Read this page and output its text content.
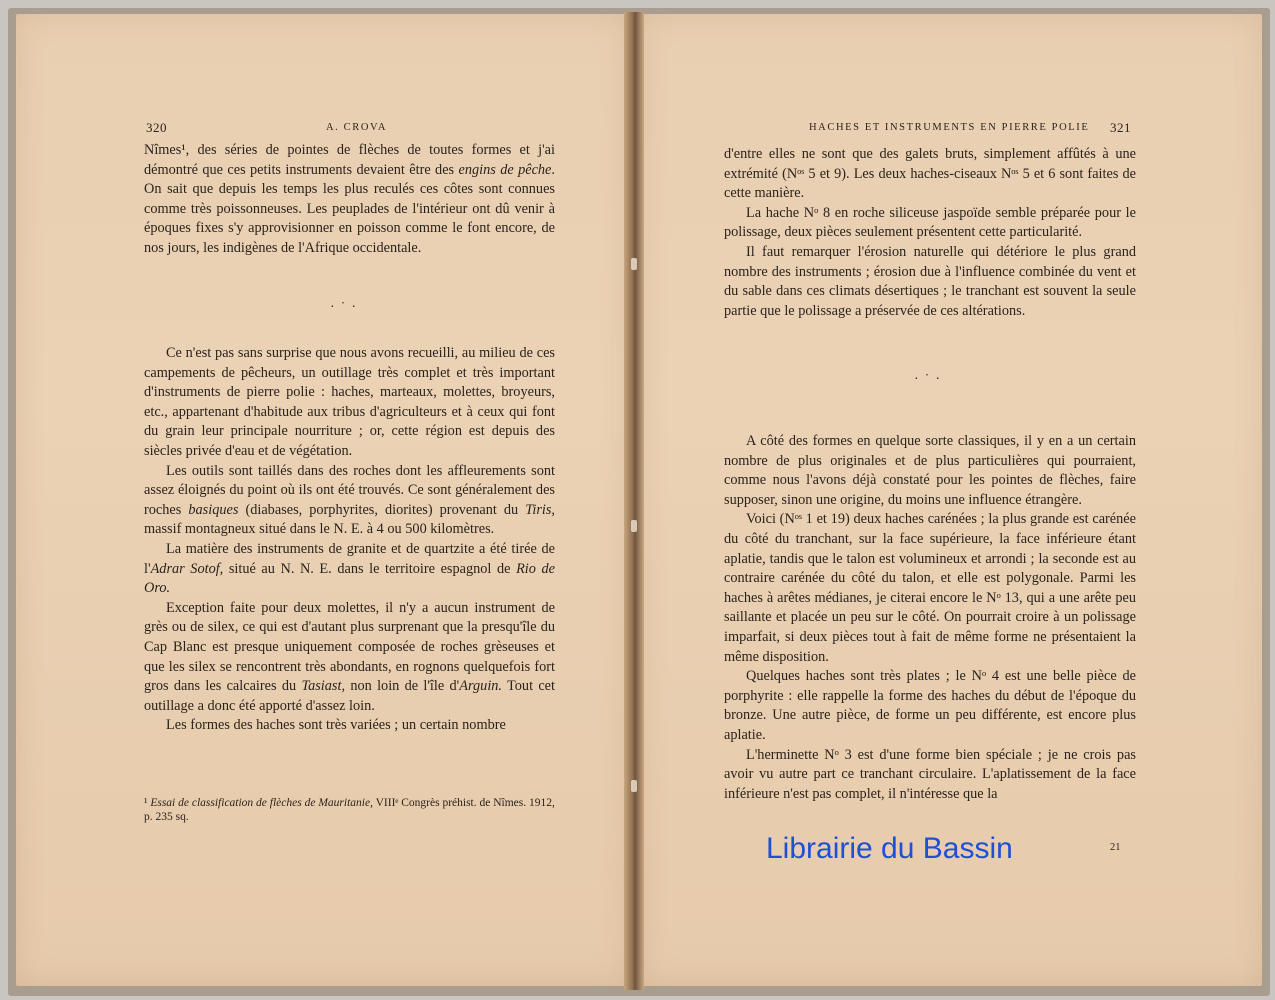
320	A. CROVA

Nîmes¹, des séries de pointes de flèches de toutes formes et j'ai démontré que ces petits instruments devaient être des engins de pêche. On sait que depuis les temps les plus reculés ces côtes sont connues comme très poissonneuses. Les peuplades de l'intérieur ont dû venir à époques fixes s'y approvisionner en poisson comme le font encore, de nos jours, les indigènes de l'Afrique occidentale.

·˙·

Ce n'est pas sans surprise que nous avons recueilli, au milieu de ces campements de pêcheurs, un outillage très complet et très important d'instruments de pierre polie : haches, marteaux, molettes, broyeurs, etc., appartenant d'habitude aux tribus d'agriculteurs et à ceux qui font du grain leur principale nourriture ; or, cette région est depuis des siècles privée d'eau et de végétation.

Les outils sont taillés dans des roches dont les affleurements sont assez éloignés du point où ils ont été trouvés. Ce sont généralement des roches basiques (diabases, porphyrites, diorites) provenant du Tiris, massif montagneux situé dans le N. E. à 4 ou 500 kilomètres.

La matière des instruments de granite et de quartzite a été tirée de l'Adrar Sotof, situé au N. N. E. dans le territoire espagnol de Rio de Oro.

Exception faite pour deux molettes, il n'y a aucun instrument de grès ou de silex, ce qui est d'autant plus surprenant que la presqu'île du Cap Blanc est presque uniquement composée de roches grèseuses et que les silex se rencontrent très abondants, en rognons quelquefois fort gros dans les calcaires du Tasiast, non loin de l'île d'Arguin. Tout cet outillage a donc été apporté d'assez loin.

Les formes des haches sont très variées ; un certain nombre

¹ Essai de classification de flèches de Mauritanie, VIIIᵉ Congrès préhist. de Nîmes. 1912, p. 235 sq.
HACHES ET INSTRUMENTS EN PIERRE POLIE 321

d'entre elles ne sont que des galets bruts, simplement affûtés à une extrémité (Nᵒˢ 5 et 9). Les deux haches-ciseaux Nᵒˢ 5 et 6 sont faites de cette manière.

La hache Nᵒ 8 en roche siliceuse jaspoïde semble préparée pour le polissage, deux pièces seulement présentent cette particularité.

Il faut remarquer l'érosion naturelle qui détériore le plus grand nombre des instruments ; érosion due à l'influence combinée du vent et du sable dans ces climats désertiques ; le tranchant est souvent la seule partie que le polissage a préservée de ces altérations.

·˙·

A côté des formes en quelque sorte classiques, il y en a un certain nombre de plus originales et de plus particulières qui pourraient, comme nous l'avons déjà constaté pour les pointes de flèches, faire supposer, sinon une origine, du moins une influence étrangère.

Voici (Nᵒˢ 1 et 19) deux haches carénées ; la plus grande est carénée du côté du tranchant, sur la face supérieure, la face inférieure étant aplatie, tandis que le talon est volumineux et arrondi ; la seconde est au contraire carénée du côté du talon, et elle est polygonale. Parmi les haches à arêtes médianes, je citerai encore le Nᵒ 13, qui a une arête peu saillante et placée un peu sur le côté. On pourrait croire à un polissage imparfait, si deux pièces tout à fait de même forme ne présentaient la même disposition.

Quelques haches sont très plates ; le Nᵒ 4 est une belle pièce de porphyrite : elle rappelle la forme des haches du début de l'époque du bronze. Une autre pièce, de forme un peu différente, est encore plus aplatie.

L'herminette Nᵒ 3 est d'une forme bien spéciale ; je ne crois pas avoir vu autre part ce tranchant circulaire. L'aplatissement de la face inférieure n'est pas complet, il n'intéresse que la

21
Librairie du Bassin
